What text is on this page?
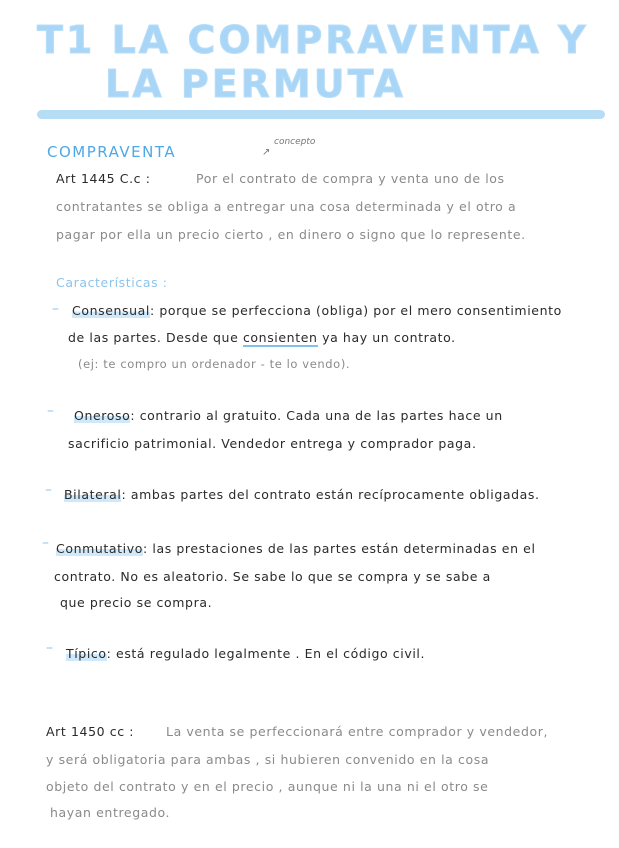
T1 LA COMPRAVENTA Y
LA PERMUTA
COMPRAVENTA	↗
concepto
Art 1445 C.c :	Por el contrato de compra y venta uno de los
contratantes se obliga a entregar una cosa determinada y el otro a
pagar por ella un precio cierto , en dinero o signo que lo represente.
Características :
– Consensual: porque se perfecciona (obliga) por el mero consentimiento
de las partes. Desde que consienten ya hay un contrato.
(ej: te compro un ordenador - te lo vendo).
– Oneroso: contrario al gratuito. Cada una de las partes hace un
sacrificio patrimonial. Vendedor entrega y comprador paga.
– Bilateral: ambas partes del contrato están recíprocamente obligadas.
– Conmutativo: las prestaciones de las partes están determinadas en el
contrato. No es aleatorio. Se sabe lo que se compra y se sabe a
que precio se compra.
– Típico: está regulado legalmente . En el código civil.
Art 1450 cc :	La venta se perfeccionará entre comprador y vendedor,
y será obligatoria para ambas , si hubieren convenido en la cosa
objeto del contrato y en el precio , aunque ni la una ni el otro se
hayan entregado.
